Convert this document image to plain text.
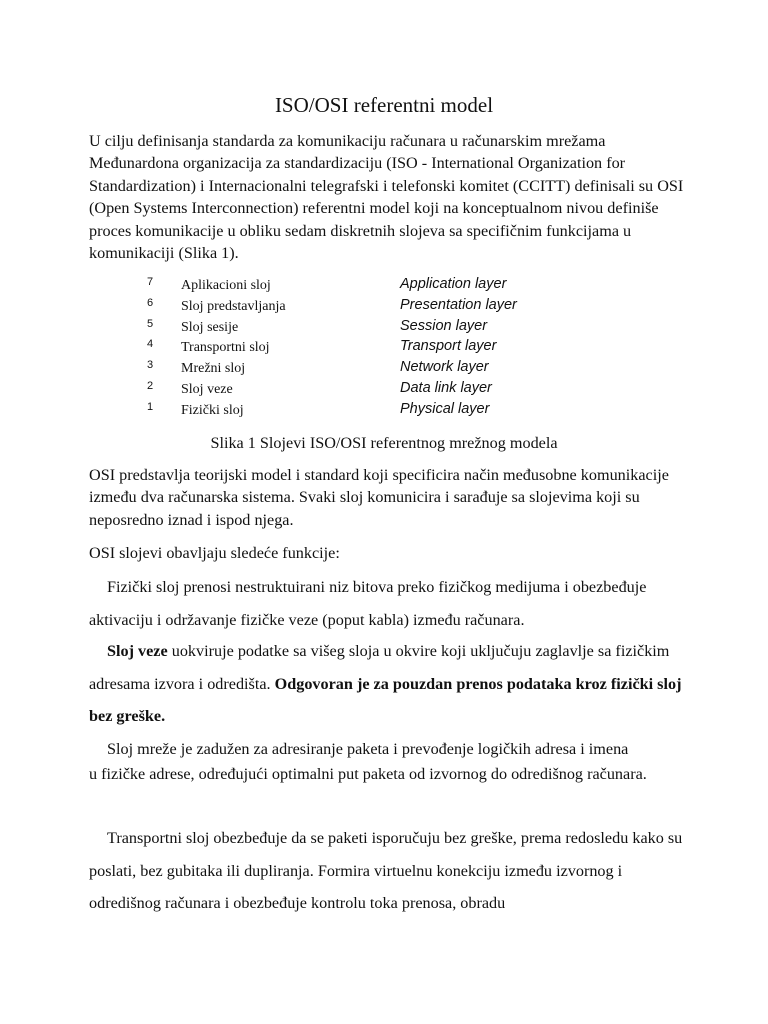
ISO/OSI referentni model

U cilju definisanja standarda za komunikaciju računara u računarskim mrežama Međunardona organizacija za standardizaciju (ISO - International Organization for Standardization) i Internacionalni telegrafski i telefonski komitet (CCITT) definisali su OSI (Open Systems Interconnection) referentni model koji na konceptualnom nivou definiše proces komunikacije u obliku sedam diskretnih slojeva sa specifičnim funkcijama u komunikaciji (Slika 1).

7 Aplikacioni sloj	Application layer
6 Sloj predstavljanja	Presentation layer
5 Sloj sesije	Session layer
4 Transportni sloj	Transport layer
3 Mrežni sloj	Network layer
2 Sloj veze	Data link layer
1 Fizički sloj	Physical layer
Slika 1 Slojevi ISO/OSI referentnog mrežnog modela

OSI predstavlja teorijski model i standard koji specificira način međusobne komunikacije između dva računarska sistema. Svaki sloj komunicira i sarađuje sa slojevima koji su neposredno iznad i ispod njega.

OSI slojevi obavljaju sledeće funkcije:

Fizički sloj prenosi nestruktuirani niz bitova preko fizičkog medijuma i obezbeđuje aktivaciju i održavanje fizičke veze (poput kabla) između računara.

Sloj veze uokviruje podatke sa višeg sloja u okvire koji uključuju zaglavlje sa fizičkim adresama izvora i odredišta. Odgovoran je za pouzdan prenos podataka kroz fizički sloj bez greške.

Sloj mreže je zadužen za adresiranje paketa i prevođenje logičkih adresa i imena
u fizičke adrese, određujući optimalni put paketa od izvornog do odredišnog računara.

Transportni sloj obezbeđuje da se paketi isporučuju bez greške, prema redosledu kako su poslati, bez gubitaka ili dupliranja. Formira virtuelnu konekciju između izvornog i odredišnog računara i obezbeđuje kontrolu toka prenosa, obradu
